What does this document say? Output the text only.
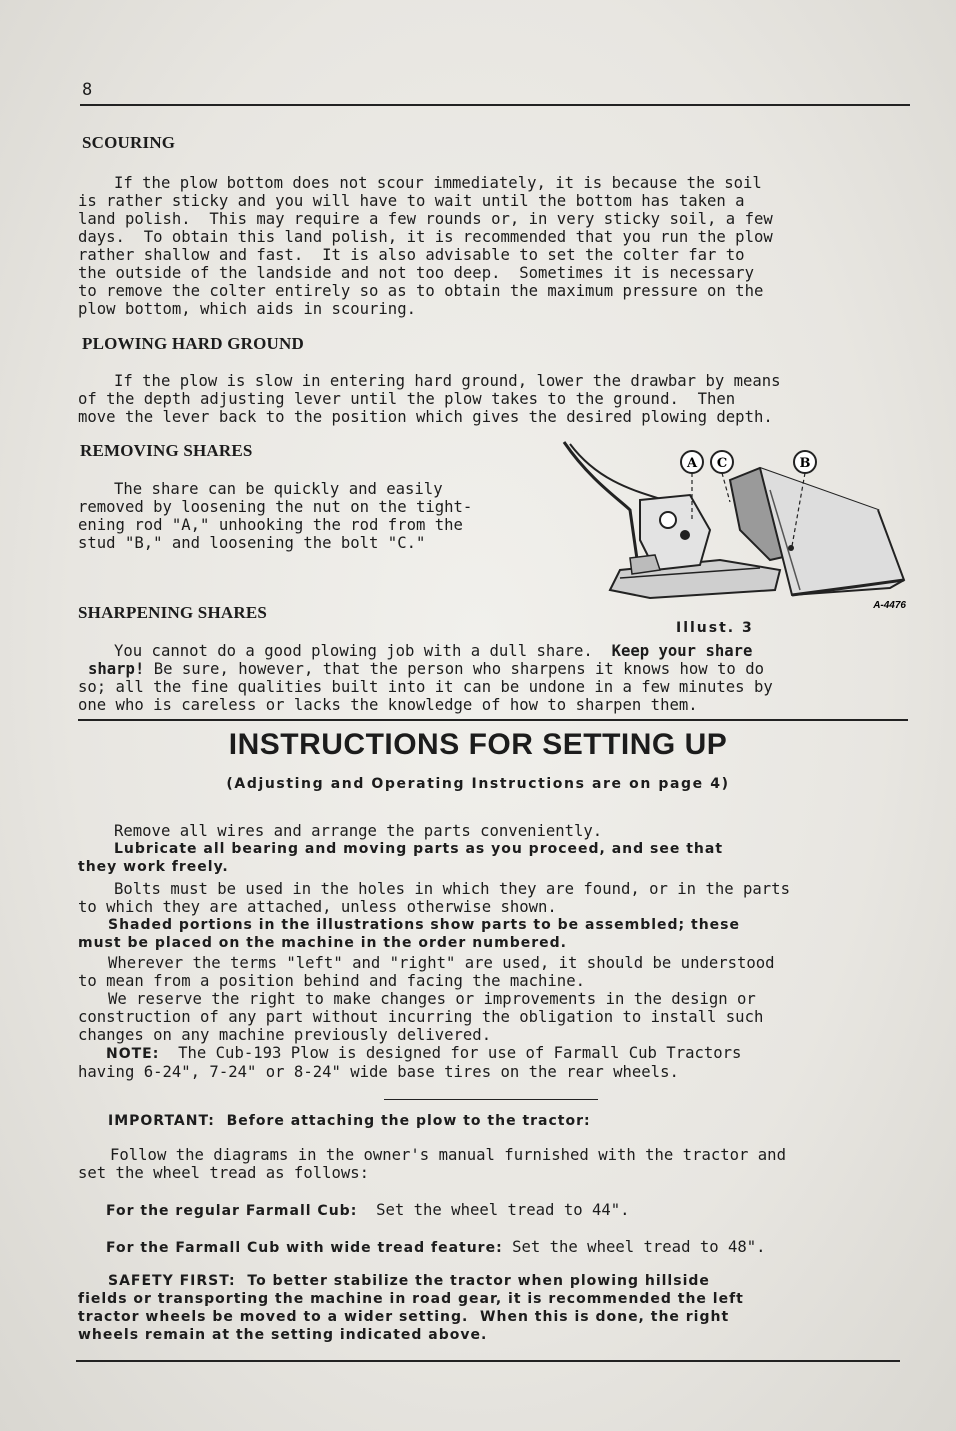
8
SCOURING
If the plow bottom does not scour immediately, it is because the soil
is rather sticky and you will have to wait until the bottom has taken a
land polish.  This may require a few rounds or, in very sticky soil, a few
days.  To obtain this land polish, it is recommended that you run the plow
rather shallow and fast.  It is also advisable to set the colter far to
the outside of the landside and not too deep.  Sometimes it is necessary
to remove the colter entirely so as to obtain the maximum pressure on the
plow bottom, which aids in scouring.
PLOWING HARD GROUND
If the plow is slow in entering hard ground, lower the drawbar by means
of the depth adjusting lever until the plow takes to the ground.  Then
move the lever back to the position which gives the desired plowing depth.
REMOVING SHARES
The share can be quickly and easily
removed by loosening the nut on the tight-
ening rod "A," unhooking the rod from the
stud "B," and loosening the bolt "C."
A C	B
A-4476
Illust. 3
SHARPENING SHARES
You cannot do a good plowing job with a dull share.  Keep your share
sharp! Be sure, however, that the person who sharpens it knows how to do
so; all the fine qualities built into it can be undone in a few minutes by
one who is careless or lacks the knowledge of how to sharpen them.
INSTRUCTIONS FOR SETTING UP
(Adjusting and Operating Instructions are on page 4)
Remove all wires and arrange the parts conveniently.
Lubricate all bearing and moving parts as you proceed, and see that
they work freely.
Bolts must be used in the holes in which they are found, or in the parts
to which they are attached, unless otherwise shown.
Shaded portions in the illustrations show parts to be assembled; these
must be placed on the machine in the order numbered.
Wherever the terms "left" and "right" are used, it should be understood
to mean from a position behind and facing the machine.
We reserve the right to make changes or improvements in the design or
construction of any part without incurring the obligation to install such
changes on any machine previously delivered.
NOTE:  The Cub-193 Plow is designed for use of Farmall Cub Tractors
having 6-24", 7-24" or 8-24" wide base tires on the rear wheels.
IMPORTANT:  Before attaching the plow to the tractor:
Follow the diagrams in the owner's manual furnished with the tractor and
set the wheel tread as follows:
For the regular Farmall Cub:  Set the wheel tread to 44".
For the Farmall Cub with wide tread feature: Set the wheel tread to 48".
SAFETY FIRST:  To better stabilize the tractor when plowing hillside
fields or transporting the machine in road gear, it is recommended the left
tractor wheels be moved to a wider setting.  When this is done, the right
wheels remain at the setting indicated above.
